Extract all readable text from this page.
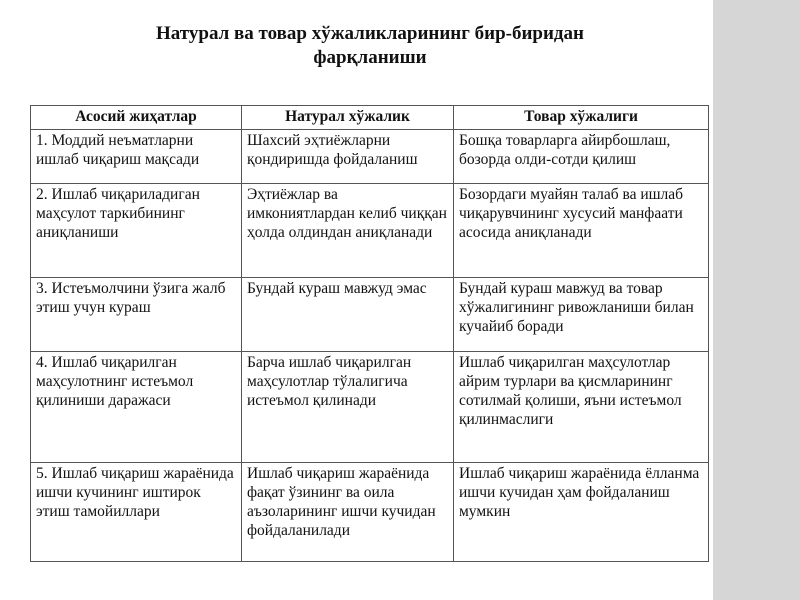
Натурал ва товар хўжаликларининг бир-биридан
фарқланиши
Асосий жиҳатлар	Натурал хўжалик	Товар хўжалиги
1. Моддий неъматларни ишлаб чиқариш мақсади	Шахсий эҳтиёжларни қондиришда фойдаланиш	Бошқа товарларга айирбошлаш, бозорда олди-сотди қилиш
2. Ишлаб чиқариладиган маҳсулот таркибининг аниқланиши	Эҳтиёжлар ва имкониятлардан келиб чиққан ҳолда олдиндан аниқланади	Бозордаги муайян талаб ва ишлаб чиқарувчининг хусусий манфаати асосида аниқланади
3. Истеъмолчини ўзига жалб этиш учун кураш	Бундай кураш мавжуд эмас	Бундай кураш мавжуд ва товар хўжалигининг ривожланиши билан кучайиб боради
4. Ишлаб чиқарилган маҳсулотнинг истеъмол қилиниши даражаси	Барча ишлаб чиқарилган маҳсулотлар тўлалигича истеъмол қилинади	Ишлаб чиқарилган маҳсулотлар айрим турлари ва қисмларининг сотилмай қолиши, яъни истеъмол қилинмаслиги
5. Ишлаб чиқариш жараёнида ишчи кучининг иштирок этиш тамойиллари	Ишлаб чиқариш жараёнида фақат ўзининг ва оила аъзоларининг ишчи кучидан фойдаланилади	Ишлаб чиқариш жараёнида ёлланма ишчи кучидан ҳам фойдаланиш мумкин
